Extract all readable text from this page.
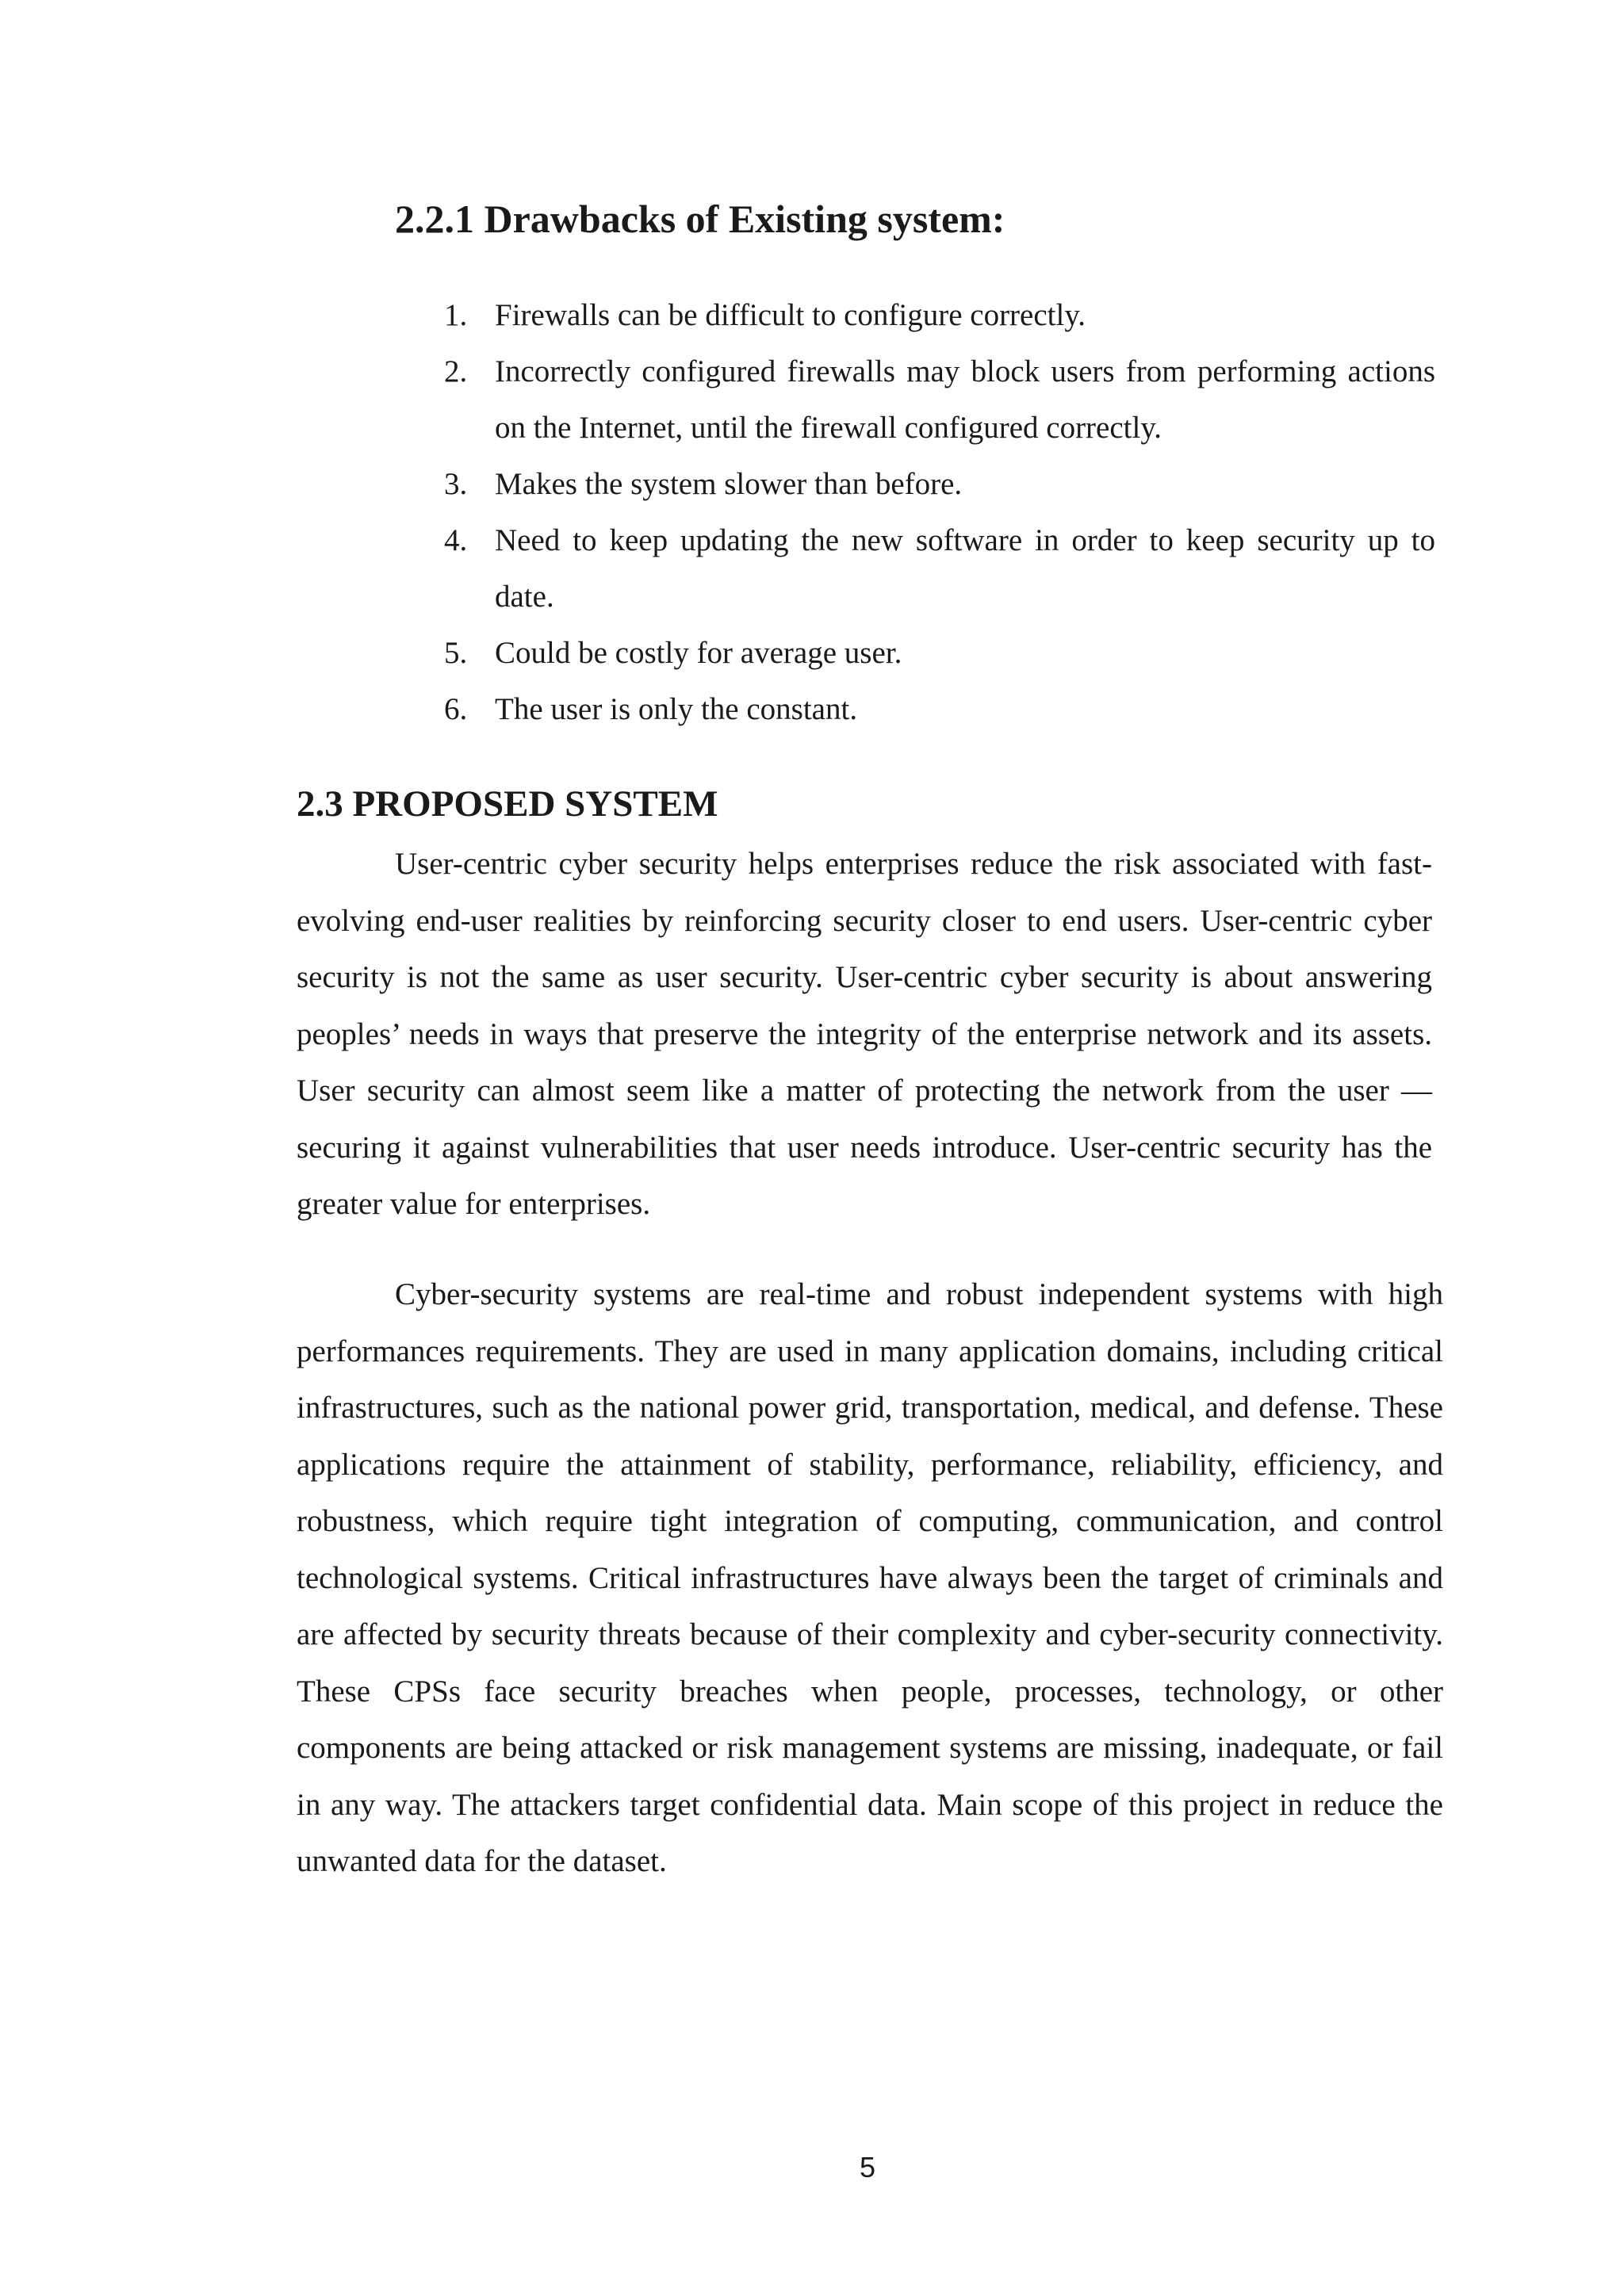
2.2.1 Drawbacks of Existing system:
1. Firewalls can be difficult to configure correctly.
2. Incorrectly configured firewalls may block users from performing actions on the Internet, until the firewall configured correctly.
3. Makes the system slower than before.
4. Need to keep updating the new software in order to keep security up to date.
5. Could be costly for average user.
6. The user is only the constant.
2.3 PROPOSED SYSTEM

User-centric cyber security helps enterprises reduce the risk associated with fast-evolving end-user realities by reinforcing security closer to end users. User-centric cyber security is not the same as user security. User-centric cyber security is about answering peoples’ needs in ways that preserve the integrity of the enterprise network and its assets. User security can almost seem like a matter of protecting the network from the user — securing it against vulnerabilities that user needs introduce. User-centric security has the greater value for enterprises.

Cyber-security systems are real-time and robust independent systems with high performances requirements. They are used in many application domains, including critical infrastructures, such as the national power grid, transportation, medical, and defense. These applications require the attainment of stability, performance, reliability, efficiency, and robustness, which require tight integration of computing, communication, and control technological systems. Critical infrastructures have always been the target of criminals and are affected by security threats because of their complexity and cyber-security connectivity. These CPSs face security breaches when people, processes, technology, or other components are being attacked or risk management systems are missing, inadequate, or fail in any way. The attackers target confidential data. Main scope of this project in reduce the unwanted data for the dataset.

5
